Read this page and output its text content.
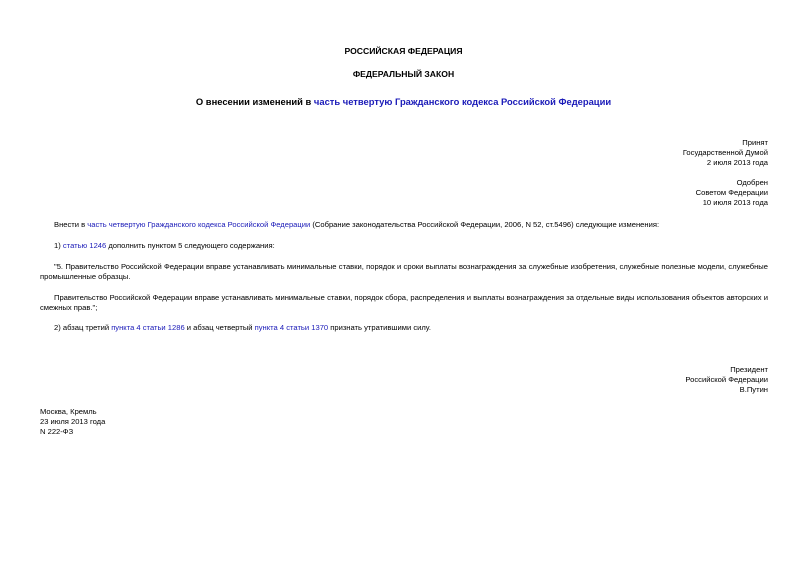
РОССИЙСКАЯ ФЕДЕРАЦИЯ
ФЕДЕРАЛЬНЫЙ ЗАКОН
О внесении изменений в часть четвертую Гражданского кодекса Российской Федерации
Принят
Государственной Думой
2 июля 2013 года
Одобрен
Советом Федерации
10 июля 2013 года
Внести в часть четвертую Гражданского кодекса Российской Федерации (Собрание законодательства Российской Федерации, 2006, N 52, ст.5496) следующие изменения:
1) статью 1246 дополнить пунктом 5 следующего содержания:
"5. Правительство Российской Федерации вправе устанавливать минимальные ставки, порядок и сроки выплаты вознаграждения за служебные изобретения, служебные полезные модели, служебные промышленные образцы.
Правительство Российской Федерации вправе устанавливать минимальные ставки, порядок сбора, распределения и выплаты вознаграждения за отдельные виды использования объектов авторских и смежных прав.";
2) абзац третий пункта 4 статьи 1286 и абзац четвертый пункта 4 статьи 1370 признать утратившими силу.
Президент
Российской Федерации
В.Путин
Москва, Кремль
23 июля 2013 года
N 222-ФЗ
